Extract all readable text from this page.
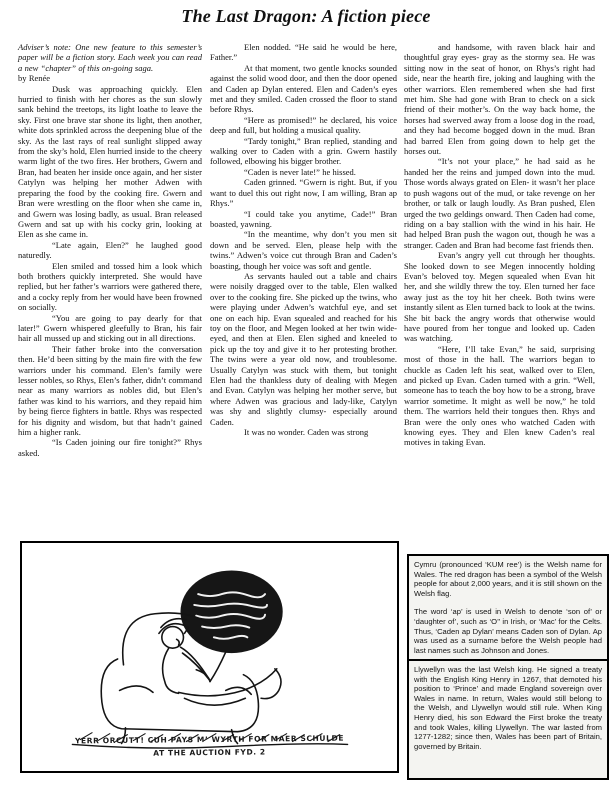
The Last Dragon: A fiction piece

Adviser’s note: One new feature to this semester’s paper will be a fiction story. Each week you can read a new “chapter” of this on-going saga.

by Renée

Dusk was approaching quickly. Elen hurried to finish with her chores as the sun slowly sank behind the treetops, its light loathe to leave the sky. First one brave star shone its light, then another, white dots sprinkled across the deepening blue of the sky. As the last rays of real sunlight slipped away from the sky’s hold, Elen hurried inside to the cheery warm light of the two fires. Her brothers, Gwern and Bran, had beaten her inside once again, and her sister Catylyn was helping her mother Adwen with preparing the food by the cooking fire. Gwern and Bran were wrestling on the floor when she came in, and Gwern was losing badly, as usual. Bran released Gwern and sat up with his cocky grin, looking at Elen as she came in.

“Late again, Elen?” he laughed good naturedly.

Elen smiled and tossed him a look which both brothers quickly interpreted. She would have replied, but her father’s warriors were gathered there, and a cocky reply from her would have been frowned on socially.

“You are going to pay dearly for that later!” Gwern whispered gleefully to Bran, his fair hair all mussed up and sticking out in all directions.

Their father broke into the conversation then. He’d been sitting by the main fire with the few warriors under his command. Elen’s family were lesser nobles, so Rhys, Elen’s father, didn’t command near as many warriors as nobles did, but Elen’s father was kind to his warriors, and they repaid him by being fierce fighters in battle. Rhys was respected for his dignity and wisdom, but that hadn’t gained him a higher rank.

“Is Caden joining our fire tonight?” Rhys asked.

Elen nodded. “He said he would be here, Father.”

At that moment, two gentle knocks sounded against the solid wood door, and then the door opened and Caden ap Dylan entered. Elen and Caden’s eyes met and they smiled. Caden crossed the floor to stand before Rhys.

“Here as promised!” he declared, his voice deep and full, but holding a musical quality.

“Tardy tonight,” Bran replied, standing and walking over to Caden with a grin. Gwern hastily followed, elbowing his bigger brother.

“Caden is never late!” he hissed.

Caden grinned. “Gwern is right. But, if you want to duel this out right now, I am willing, Bran ap Rhys.”

“I could take you anytime, Cade!” Bran boasted, yawning.

“In the meantime, why don’t you men sit down and be served. Elen, please help with the twins.” Adwen’s voice cut through Bran and Caden’s boasting, though her voice was soft and gentle.

As servants hauled out a table and chairs were noisily dragged over to the table, Elen walked over to the cooking fire. She picked up the twins, who were playing under Adwen’s watchful eye, and set one on each hip. Evan squealed and reached for his toy on the floor, and Megen looked at her twin wide-eyed, and then at Elen. Elen sighed and kneeled to pick up the toy and give it to her protesting brother. The twins were a year old now, and troublesome. Usually Catylyn was stuck with them, but tonight Elen had the thankless duty of dealing with Megen and Evan. Catylyn was helping her mother serve, but where Adwen was gracious and lady-like, Catylyn was shy and slightly clumsy- especially around Caden.

It was no wonder. Caden was strong

and handsome, with raven black hair and thoughtful gray eyes- gray as the stormy sea. He was sitting now in the seat of honor, on Rhys’s right had side, near the hearth fire, joking and laughing with the other warriors. Elen remembered when she had first met him. She had gone with Bran to check on a sick friend of their mother’s. On the way back home, the horses had swerved away from a loose dog in the road, and they had become bogged down in the mud. Bran had barred Elen from going down to help get the horses out.

“It’s not your place,” he had said as he handed her the reins and jumped down into the mud. Those words always grated on Elen- it wasn’t her place to push wagons out of the mud, or take revenge on her brother, or talk or laugh loudly. As Bran pushed, Elen urged the two geldings onward. Then Caden had come, riding on a bay stallion with the wind in his hair. He had helped Bran push the wagon out, though he was a stranger. Caden and Bran had become fast friends then.

Evan’s angry yell cut through her thoughts. She looked down to see Megen innocently holding Evan’s beloved toy. Megen squealed when Evan hit her, and she wildly threw the toy. Elen turned her face away just as the toy hit her cheek. Both twins were instantly silent as Elen turned back to look at the twins. She bit back the angry words that otherwise would have poured from her tongue and looked up. Caden was watching.

“Here, I’ll take Evan,” he said, surprising most of those in the hall. The warriors began to chuckle as Caden left his seat, walked over to Elen, and picked up Evan. Caden turned with a grin. “Well, someone has to teach the boy how to be a strong, brave warrior sometime. It might as well be now,” he told them. The warriors held their tongues then. Rhys and Bran were the only ones who watched Caden with knowing eyes. They and Elen knew Caden’s real motives in taking Evan.

YERR ORCUTT! CUH PAYS M’ WYRTH FOR MAER SCHULDE
AT THE AUCTION FYD. 2

Cymru (pronounced ‘KUM ree’) is the Welsh name for Wales. The red dragon has been a symbol of the Welsh people for about 2,000 years, and it is still shown on the Welsh flag.

The word ‘ap’ is used in Welsh to denote ‘son of’ or ‘daughter of’, such as ‘O’’ in Irish, or ‘Mac’ for the Celts. Thus, ‘Caden ap Dylan’ means Caden son of Dylan. Ap was used as a surname before the Welsh people had last names such as Johnson and Jones.

Llywellyn was the last Welsh king. He signed a treaty with the English King Henry in 1267, that demoted his position to ‘Prince’ and made England sovereign over Wales in name. In return, Wales would still belong to the Welsh, and Llywellyn would still rule. When King Henry died, his son Edward the First broke the treaty and took Wales, killing Llywellyn. The war lasted from 1277-1282; since then, Wales has been part of Britain, governed by Britain.
